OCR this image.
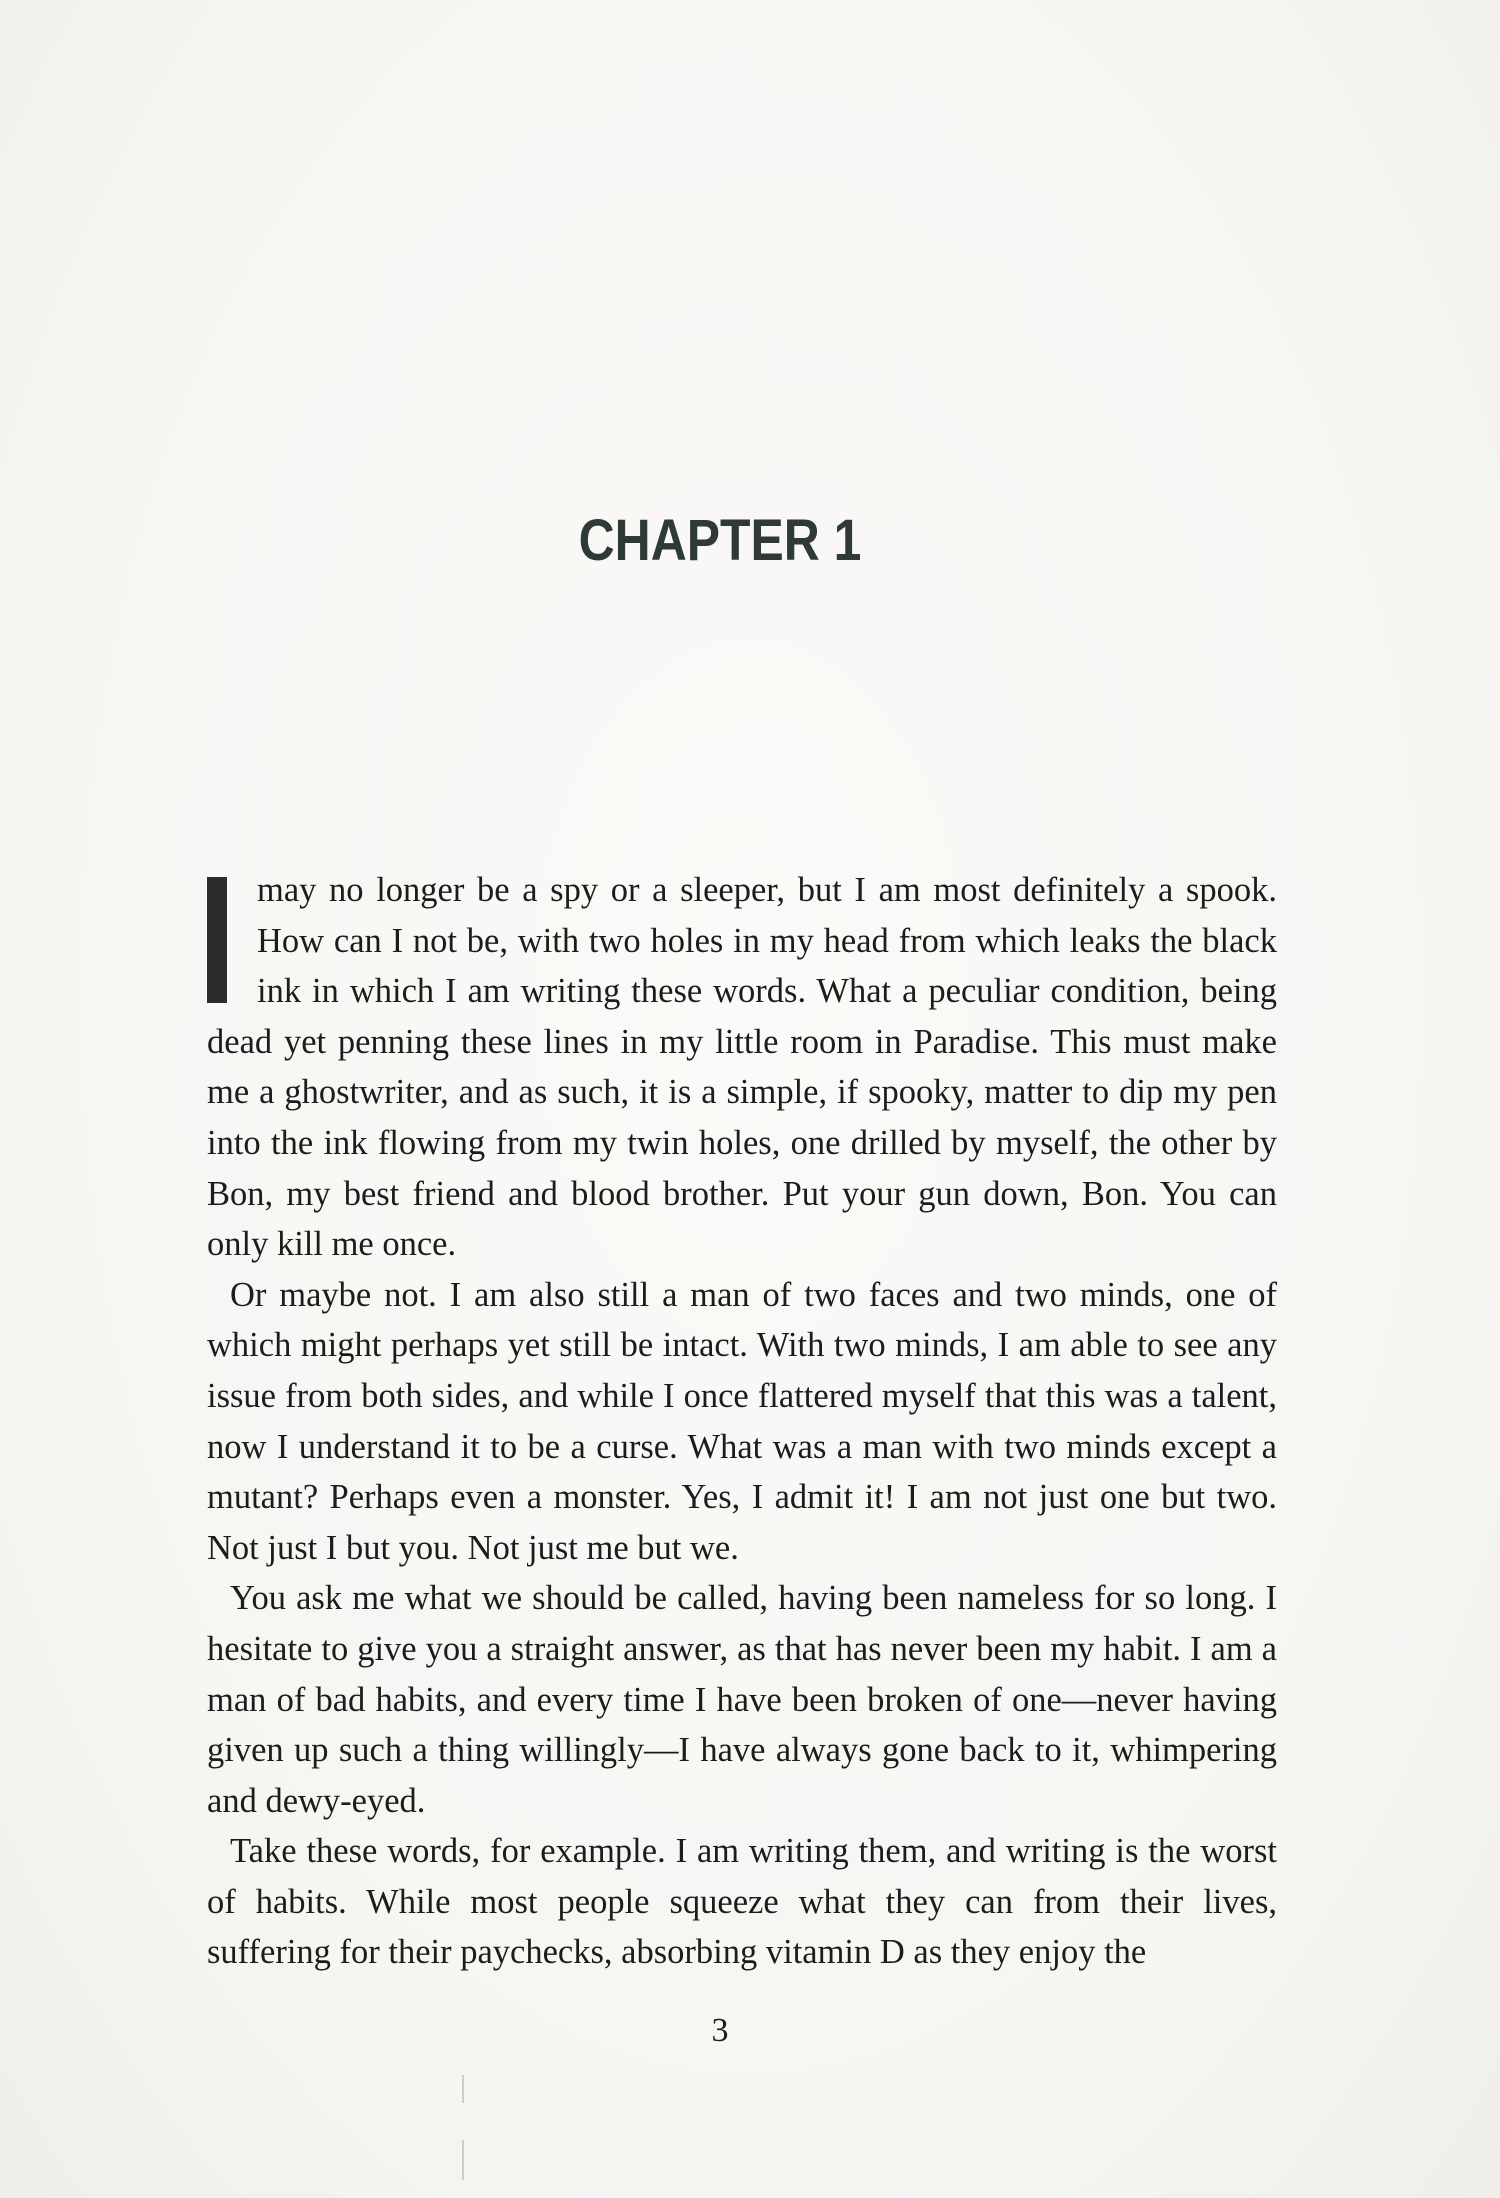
CHAPTER 1

may no longer be a spy or a sleeper, but I am most definitely a spook. How can I not be, with two holes in my head from which leaks the black ink in which I am writing these words. What a peculiar condition, being dead yet penning these lines in my little room in Paradise. This must make me a ghostwriter, and as such, it is a simple, if spooky, matter to dip my pen into the ink flowing from my twin holes, one drilled by myself, the other by Bon, my best friend and blood brother. Put your gun down, Bon. You can only kill me once.

Or maybe not. I am also still a man of two faces and two minds, one of which might perhaps yet still be intact. With two minds, I am able to see any issue from both sides, and while I once flattered myself that this was a talent, now I understand it to be a curse. What was a man with two minds except a mutant? Perhaps even a monster. Yes, I admit it! I am not just one but two. Not just I but you. Not just me but we.

You ask me what we should be called, having been nameless for so long. I hesitate to give you a straight answer, as that has never been my habit. I am a man of bad habits, and every time I have been broken of one—never having given up such a thing willingly—I have always gone back to it, whimpering and dewy-eyed.

Take these words, for example. I am writing them, and writing is the worst of habits. While most people squeeze what they can from their lives, suffering for their paychecks, absorbing vitamin D as they enjoy the

3
